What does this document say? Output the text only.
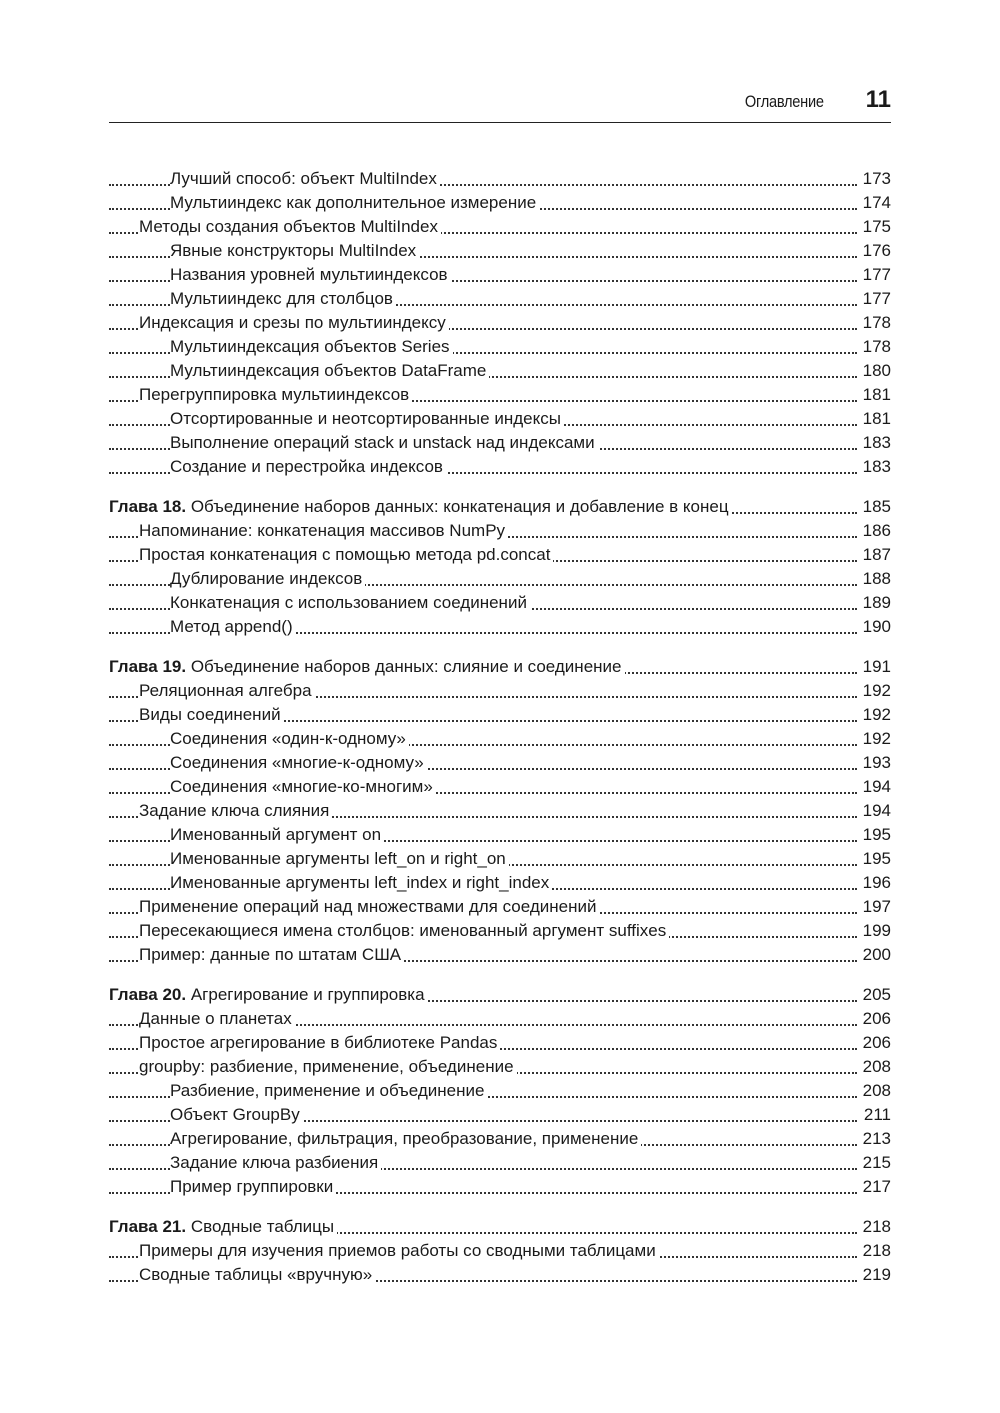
Оглавление 11
Лучший способ: объект MultiIndex	173
Мультииндекс как дополнительное измерение	174
Методы создания объектов MultiIndex	175
Явные конструкторы MultiIndex	176
Названия уровней мультииндексов	177
Мультииндекс для столбцов	177
Индексация и срезы по мультииндексу	178
Мультииндексация объектов Series	178
Мультииндексация объектов DataFrame	180
Перегруппировка мультииндексов	181
Отсортированные и неотсортированные индексы	181
Выполнение операций stack и unstack над индексами	183
Создание и перестройка индексов	183
Глава 18. Объединение наборов данных: конкатенация и добавление в конец	185
Напоминание: конкатенация массивов NumPy	186
Простая конкатенация с помощью метода pd.concat	187
Дублирование индексов	188
Конкатенация с использованием соединений	189
Метод append()	190
Глава 19. Объединение наборов данных: слияние и соединение	191
Реляционная алгебра	192
Виды соединений	192
Соединения «один-к-одному»	192
Соединения «многие-к-одному»	193
Соединения «многие-ко-многим»	194
Задание ключа слияния	194
Именованный аргумент on	195
Именованные аргументы left_on и right_on	195
Именованные аргументы left_index и right_index	196
Применение операций над множествами для соединений	197
Пересекающиеся имена столбцов: именованный аргумент suffixes	199
Пример: данные по штатам США	200
Глава 20. Агрегирование и группировка	205
Данные о планетах	206
Простое агрегирование в библиотеке Pandas	206
groupby: разбиение, применение, объединение	208
Разбиение, применение и объединение	208
Объект GroupBy	211
Агрегирование, фильтрация, преобразование, применение	213
Задание ключа разбиения	215
Пример группировки	217
Глава 21. Сводные таблицы	218
Примеры для изучения приемов работы со сводными таблицами	218
Сводные таблицы «вручную»	219
